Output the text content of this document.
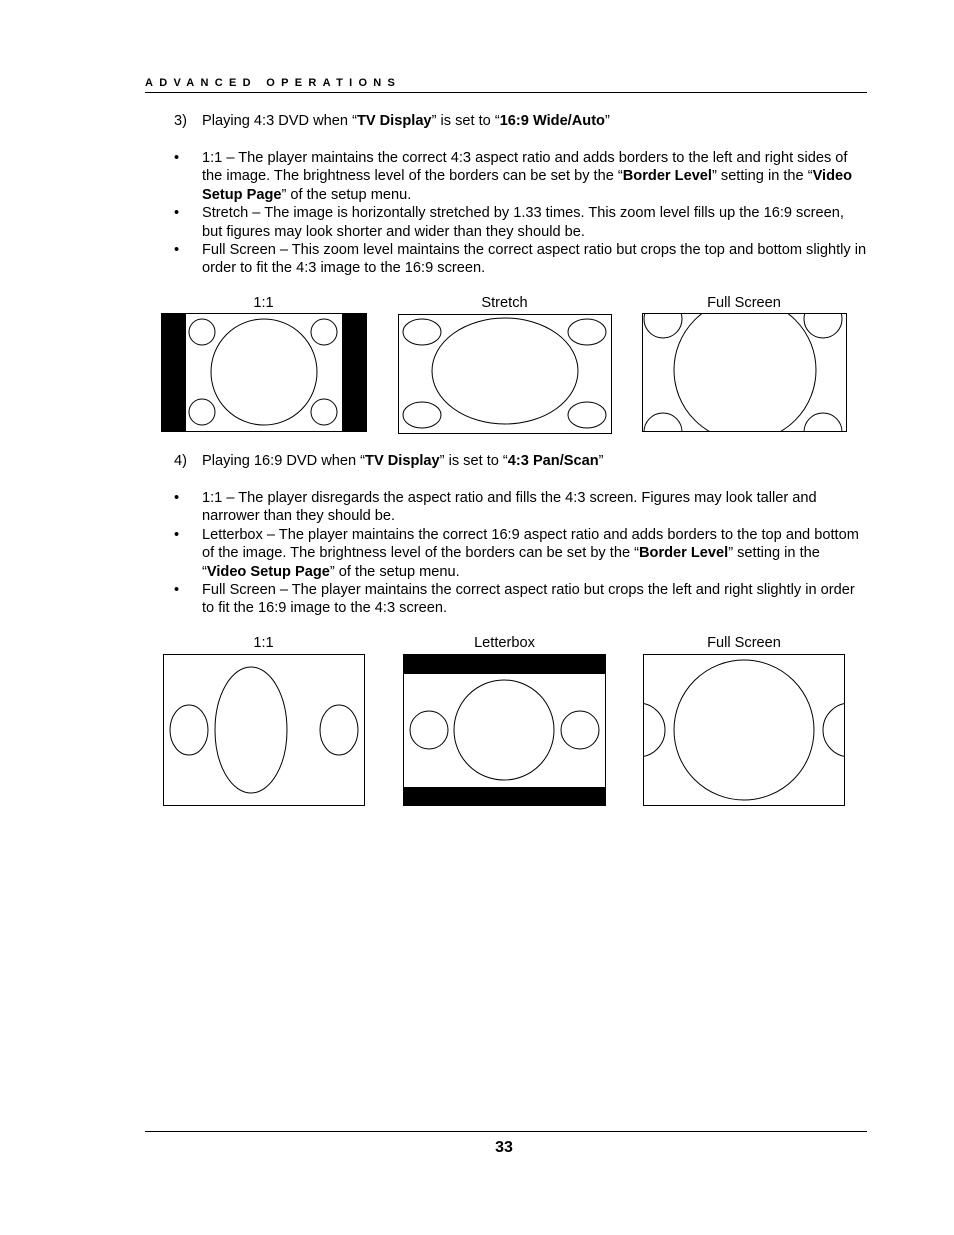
ADVANCED OPERATIONS
3) Playing 4:3 DVD when “TV Display” is set to “16:9 Wide/Auto”
• 1:1 – The player maintains the correct 4:3 aspect ratio and adds borders to the left and right sides of the image. The brightness level of the borders can be set by the “Border Level” setting in the “Video Setup Page” of the setup menu.
• Stretch – The image is horizontally stretched by 1.33 times. This zoom level fills up the 16:9 screen, but figures may look shorter and wider than they should be.
• Full Screen – This zoom level maintains the correct aspect ratio but crops the top and bottom slightly in order to fit the 4:3 image to the 16:9 screen.
1:1	Stretch	Full Screen
4) Playing 16:9 DVD when “TV Display” is set to “4:3 Pan/Scan”
• 1:1 – The player disregards the aspect ratio and fills the 4:3 screen. Figures may look taller and narrower than they should be.
• Letterbox – The player maintains the correct 16:9 aspect ratio and adds borders to the top and bottom of the image. The brightness level of the borders can be set by the “Border Level” setting in the “Video Setup Page” of the setup menu.
• Full Screen – The player maintains the correct aspect ratio but crops the left and right slightly in order to fit the 16:9 image to the 4:3 screen.
1:1	Letterbox	Full Screen
33
